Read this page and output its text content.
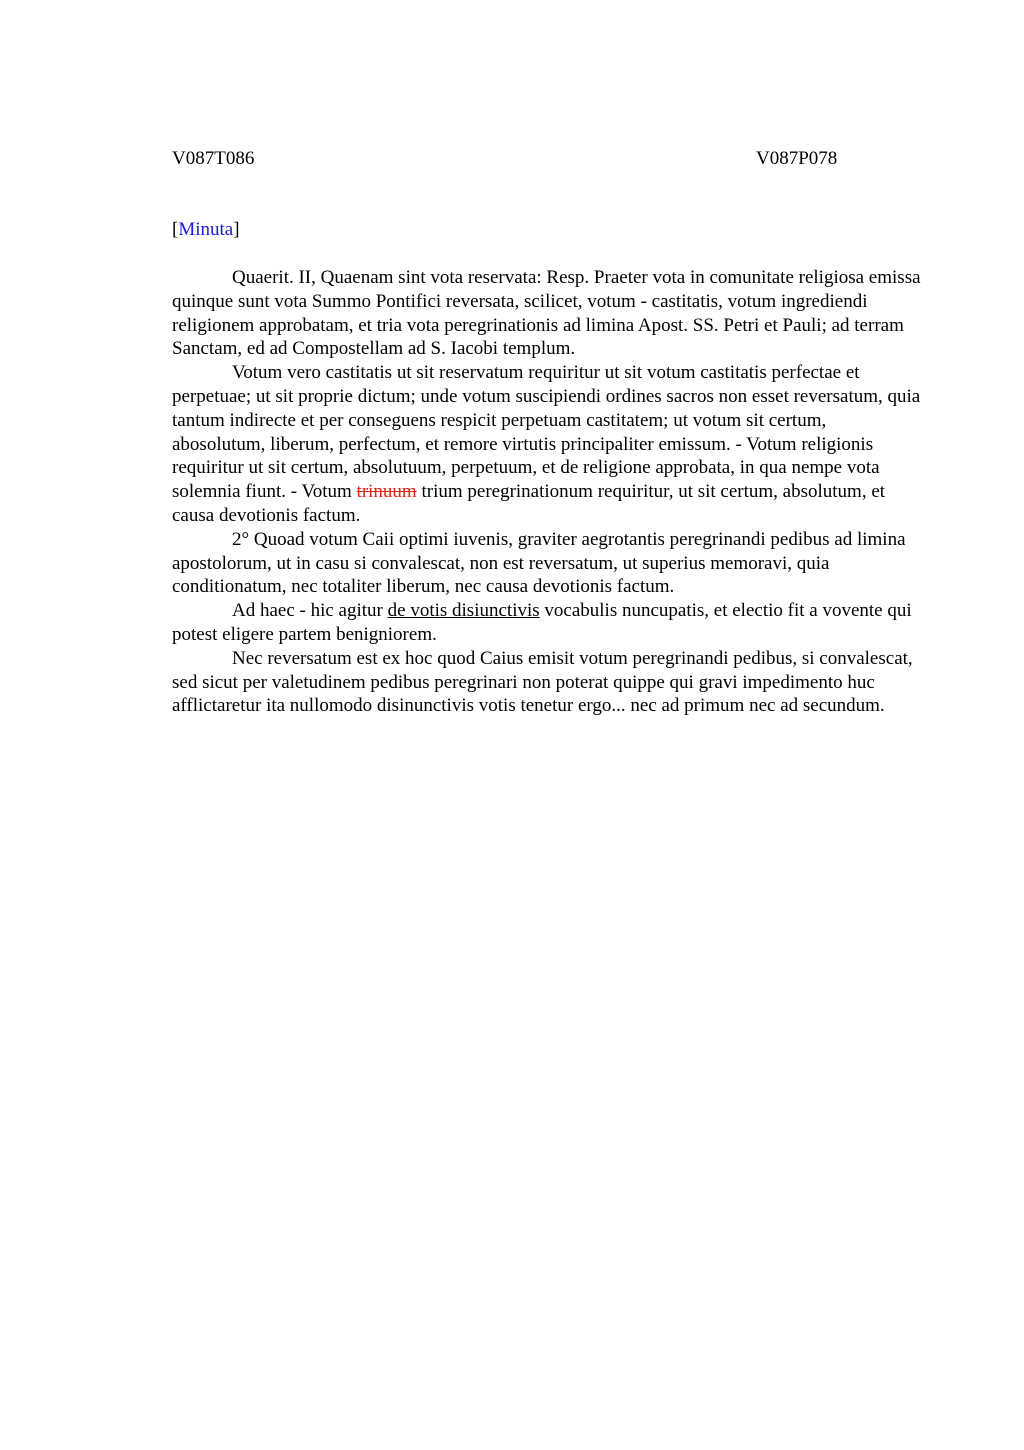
V087T086	V087P078
[Minuta]

Quaerit. II, Quaenam sint vota reservata: Resp. Praeter vota in comunitate religiosa emissa quinque sunt vota Summo Pontifici reversata, scilicet, votum - castitatis, votum ingrediendi religionem approbatam, et tria vota peregrinationis ad limina Apost. SS. Petri et Pauli; ad terram Sanctam, ed ad Compostellam ad S. Iacobi templum.

Votum vero castitatis ut sit reservatum requiritur ut sit votum castitatis perfectae et perpetuae; ut sit proprie dictum; unde votum suscipiendi ordines sacros non esset reversatum, quia tantum indirecte et per conseguens respicit perpetuam castitatem; ut votum sit certum, abosolutum, liberum, perfectum, et remore virtutis principaliter emissum. - Votum religionis requiritur ut sit certum, absolutuum, perpetuum, et de religione approbata, in qua nempe vota solemnia fiunt. - Votum trinuum trium peregrinationum requiritur, ut sit certum, absolutum, et causa devotionis factum.

2° Quoad votum Caii optimi iuvenis, graviter aegrotantis peregrinandi pedibus ad limina apostolorum, ut in casu si convalescat, non est reversatum, ut superius memoravi, quia conditionatum, nec totaliter liberum, nec causa devotionis factum.

Ad haec - hic agitur de votis disiunctivis vocabulis nuncupatis, et electio fit a vovente qui potest eligere partem benigniorem.

Nec reversatum est ex hoc quod Caius emisit votum peregrinandi pedibus, si convalescat, sed sicut per valetudinem pedibus peregrinari non poterat quippe qui gravi impedimento huc afflictaretur ita nullomodo disinunctivis votis tenetur ergo... nec ad primum nec ad secundum.
